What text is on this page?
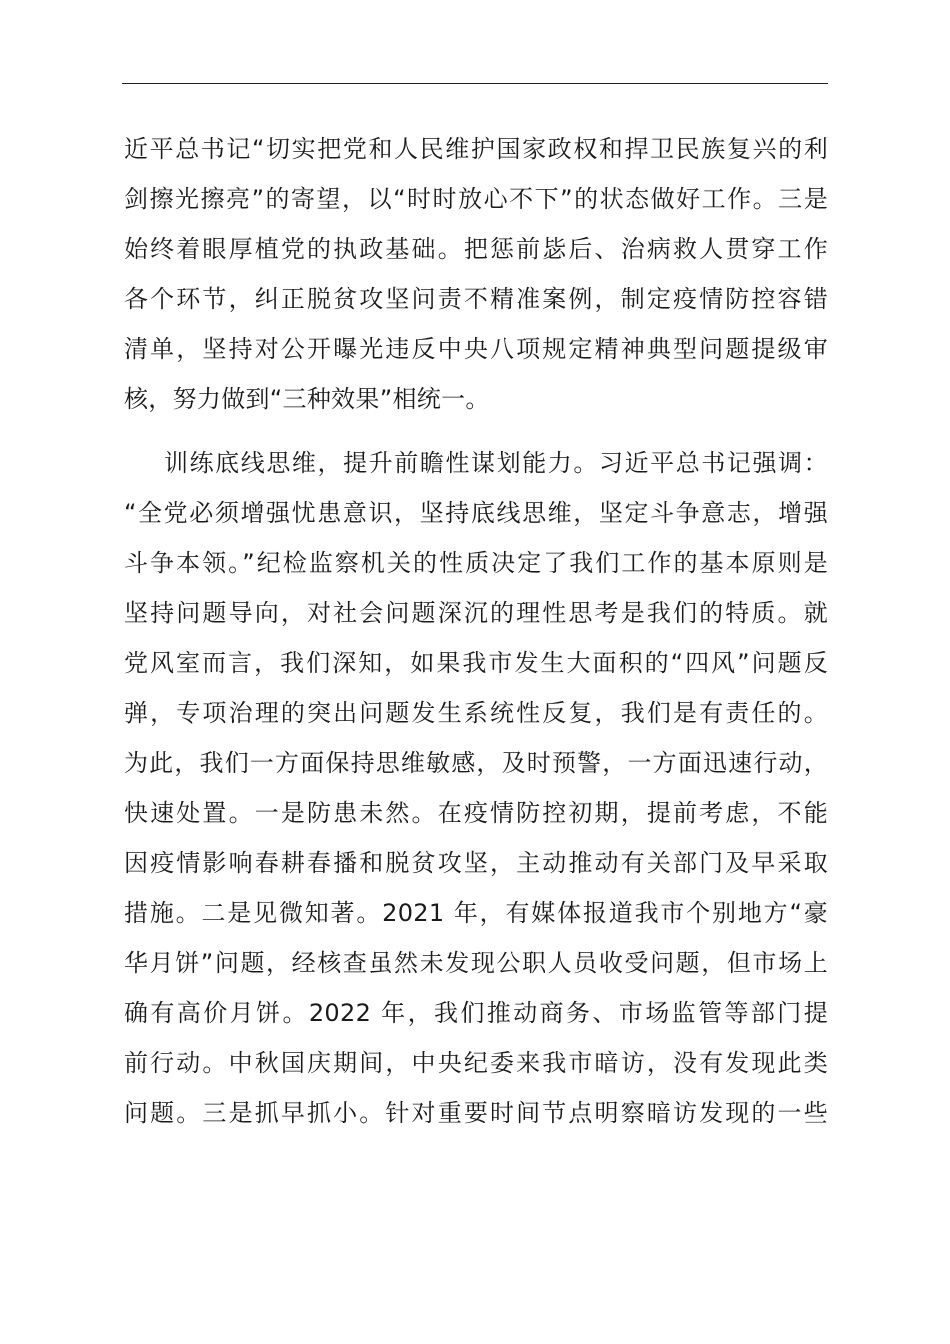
近平总书记“切实把党和人民维护国家政权和捍卫民族复兴的利
剑擦光擦亮”的寄望，以“时时放心不下”的状态做好工作。三是
始终着眼厚植党的执政基础。把惩前毖后、治病救人贯穿工作
各个环节，纠正脱贫攻坚问责不精准案例，制定疫情防控容错
清单，坚持对公开曝光违反中央八项规定精神典型问题提级审
核，努力做到“三种效果”相统一。
训练底线思维，提升前瞻性谋划能力。习近平总书记强调：
“全党必须增强忧患意识，坚持底线思维，坚定斗争意志，增强
斗争本领。”纪检监察机关的性质决定了我们工作的基本原则是
坚持问题导向，对社会问题深沉的理性思考是我们的特质。就
党风室而言，我们深知，如果我市发生大面积的“四风”问题反
弹，专项治理的突出问题发生系统性反复，我们是有责任的。
为此，我们一方面保持思维敏感，及时预警，一方面迅速行动，
快速处置。一是防患未然。在疫情防控初期，提前考虑，不能
因疫情影响春耕春播和脱贫攻坚，主动推动有关部门及早采取
措施。二是见微知著。2021 年，有媒体报道我市个别地方“豪
华月饼”问题，经核查虽然未发现公职人员收受问题，但市场上
确有高价月饼。2022 年，我们推动商务、市场监管等部门提
前行动。中秋国庆期间，中央纪委来我市暗访，没有发现此类
问题。三是抓早抓小。针对重要时间节点明察暗访发现的一些
